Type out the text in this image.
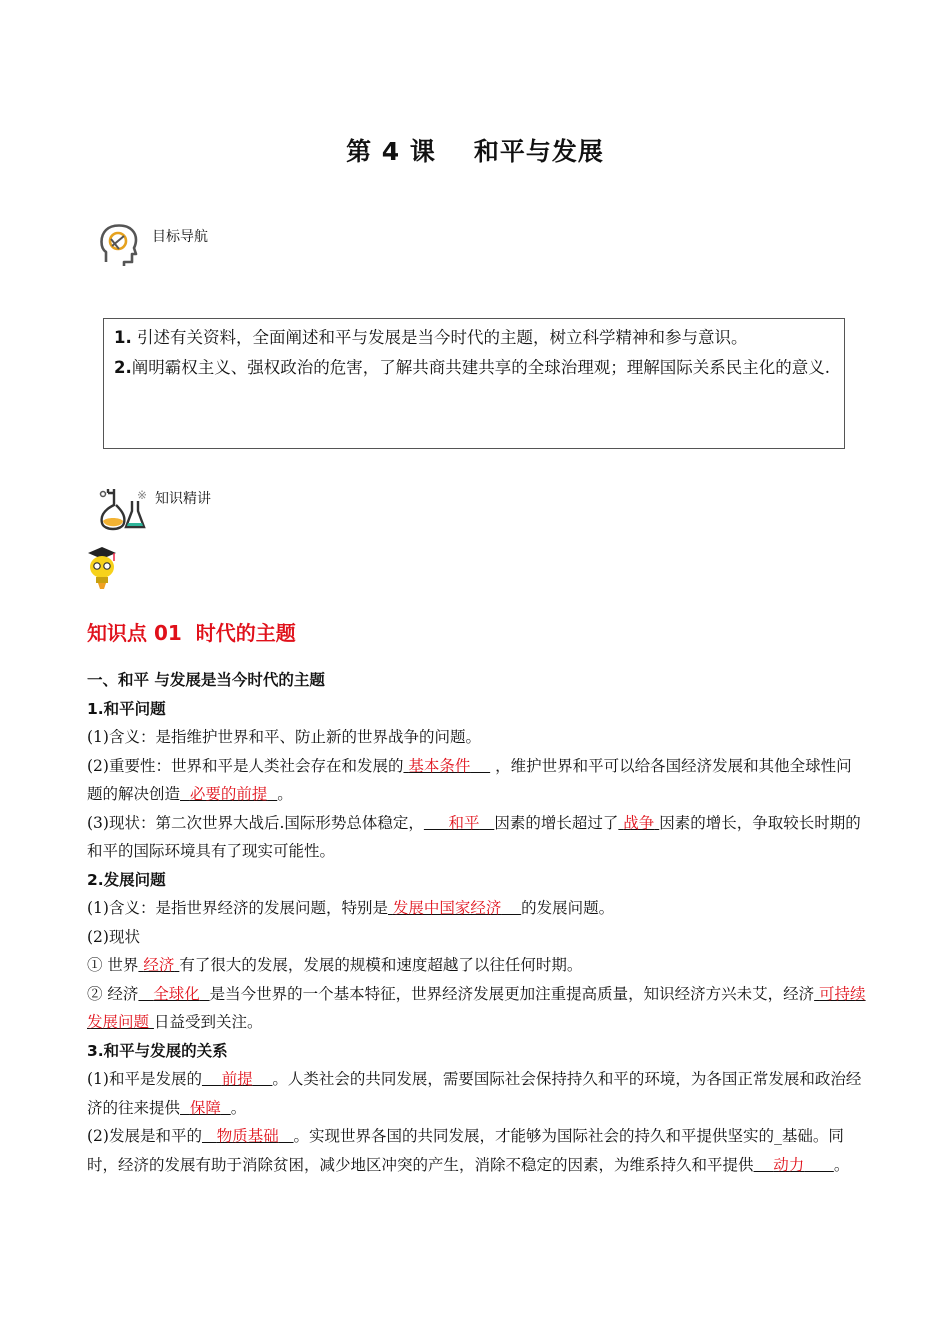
第 4 课 和平与发展
目标导航

1. 引述有关资料，全面阐述和平与发展是当今时代的主题，树立科学精神和参与意识。

2.阐明霸权主义、强权政治的危害，了解共商共建共享的全球治理观；理解国际关系民主化的意义.

※ 知识精讲
知识点 01 时代的主题

一、和平 与发展是当今时代的主题

1.和平问题

(1)含义：是指维护世界和平、防止新的世界战争的问题。

(2)重要性：世界和平是人类社会存在和发展的 基本条件 ，维护世界和平可以给各国经济发展和其他全球性问题的解决创造 必要的前提 。

(3)现状：第二次世界大战后.国际形势总体稳定， 和平 因素的增长超过了 战争 因素的增长，争取较长时期的和平的国际环境具有了现实可能性。

2.发展问题

(1)含义：是指世界经济的发展问题，特别是 发展中国家经济 的发展问题。

(2)现状

① 世界 经济 有了很大的发展，发展的规模和速度超越了以往任何时期。

② 经济 全球化 是当今世界的一个基本特征，世界经济发展更加注重提高质量，知识经济方兴未艾，经济 可持续发展问题 日益受到关注。

3.和平与发展的关系

(1)和平是发展的 前提 。人类社会的共同发展，需要国际社会保持持久和平的环境，为各国正常发展和政治经济的往来提供 保障 。

(2)发展是和平的 物质基础 。实现世界各国的共同发展，才能够为国际社会的持久和平提供坚实的_基础。同时，经济的发展有助于消除贫困，减少地区冲突的产生，消除不稳定的因素，为维系持久和平提供 动力 。
